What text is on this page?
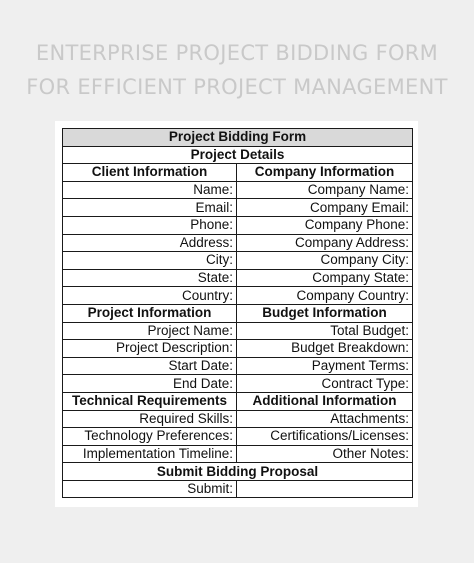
ENTERPRISE PROJECT BIDDING FORM
FOR EFFICIENT PROJECT MANAGEMENT
Project Bidding Form	
Project Details	
Client Information	Company Information
Name:	Company Name:
Email:	Company Email:
Phone:	Company Phone:
Address:	Company Address:
City:	Company City:
State:	Company State:
Country:	Company Country:
Project Information	Budget Information
Project Name:	Total Budget:
Project Description:	Budget Breakdown:
Start Date:	Payment Terms:
End Date:	Contract Type:
Technical Requirements	Additional Information
Required Skills:	Attachments:
Technology Preferences:	Certifications/Licenses:
Implementation Timeline:	Other Notes:
Submit Bidding Proposal	
Submit:	
